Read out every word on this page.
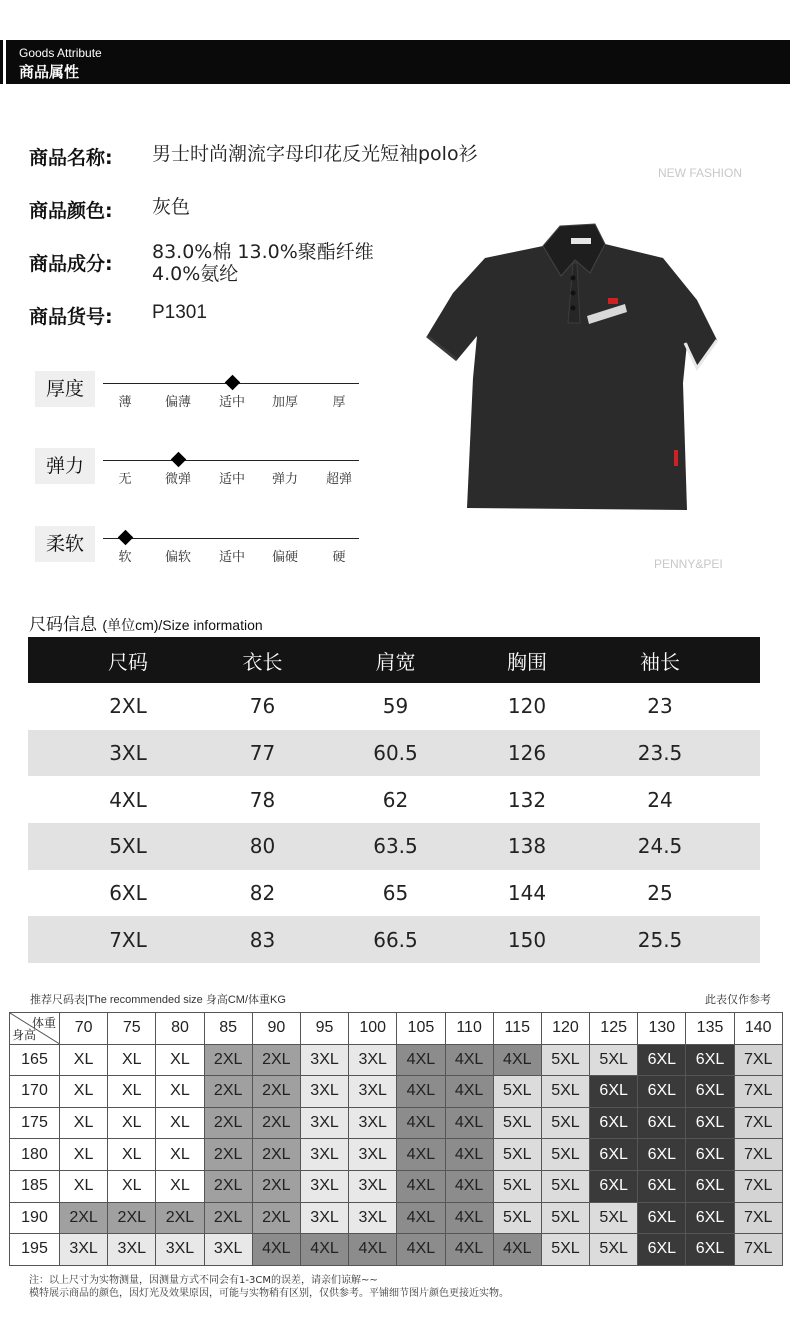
Goods Attribute
商品属性
商品名称: 男士时尚潮流字母印花反光短袖polo衫
商品颜色: 灰色
商品成分:
83.0%棉 13.0%聚酯纤维
4.0%氨纶
商品货号: P1301
NEW FASHION
PENNY&PEI
厚度
薄	偏薄	适中	加厚	厚
弹力
无	微弹	适中	弹力	超弹
柔软
软	偏软	适中	偏硬	硬
尺码信息 (单位cm)/Size information
尺码	衣长	肩宽	胸围	袖长
2XL	76	59	120	23
3XL	77	60.5	126	23.5
4XL	78	62	132	24
5XL	80	63.5	138	24.5
6XL	82	65	144	25
7XL	83	66.5	150	25.5
推荐尺码表|The recommended size 身高CM/体重KG	此表仅作参考
体重
身高	70	75	80	85	90	95	100	105	110	115	120	125	130	135	140
165	XL	XL	XL	2XL	2XL	3XL	3XL	4XL	4XL	4XL	5XL	5XL	6XL	6XL	7XL
170	XL	XL	XL	2XL	2XL	3XL	3XL	4XL	4XL	5XL	5XL	6XL	6XL	6XL	7XL
175	XL	XL	XL	2XL	2XL	3XL	3XL	4XL	4XL	5XL	5XL	6XL	6XL	6XL	7XL
180	XL	XL	XL	2XL	2XL	3XL	3XL	4XL	4XL	5XL	5XL	6XL	6XL	6XL	7XL
185	XL	XL	XL	2XL	2XL	3XL	3XL	4XL	4XL	5XL	5XL	6XL	6XL	6XL	7XL
190	2XL	2XL	2XL	2XL	2XL	3XL	3XL	4XL	4XL	5XL	5XL	5XL	6XL	6XL	7XL
195	3XL	3XL	3XL	3XL	4XL	4XL	4XL	4XL	4XL	4XL	5XL	5XL	6XL	6XL	7XL
注：以上尺寸为实物测量，因测量方式不同会有1-3CM的误差，请亲们谅解~~
模特展示商品的颜色，因灯光及效果原因，可能与实物稍有区别，仅供参考。平铺细节图片颜色更接近实物。
